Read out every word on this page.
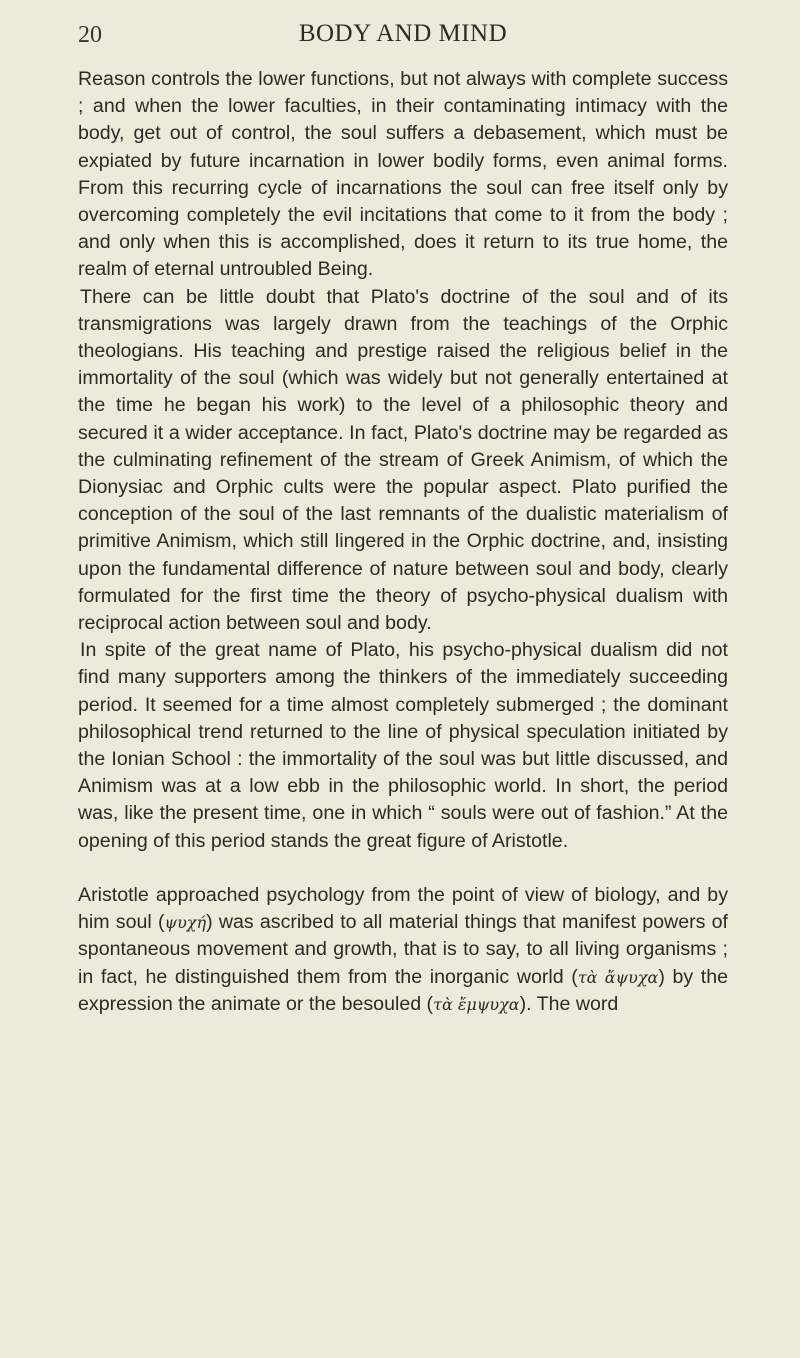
20	BODY AND MIND

Reason controls the lower functions, but not always with complete success ; and when the lower faculties, in their contaminating intimacy with the body, get out of control, the soul suffers a debasement, which must be expiated by future incarnation in lower bodily forms, even animal forms. From this recurring cycle of incarnations the soul can free itself only by overcoming completely the evil incitations that come to it from the body ; and only when this is accomplished, does it return to its true home, the realm of eternal untroubled Being.

There can be little doubt that Plato's doctrine of the soul and of its transmigrations was largely drawn from the teachings of the Orphic theologians. His teaching and prestige raised the religious belief in the immortality of the soul (which was widely but not generally entertained at the time he began his work) to the level of a philosophic theory and secured it a wider acceptance. In fact, Plato's doctrine may be regarded as the culminating refinement of the stream of Greek Animism, of which the Dionysiac and Orphic cults were the popular aspect. Plato purified the conception of the soul of the last remnants of the dualistic materialism of primitive Animism, which still lingered in the Orphic doctrine, and, insisting upon the fundamental difference of nature between soul and body, clearly formulated for the first time the theory of psycho-physical dualism with reciprocal action between soul and body.

In spite of the great name of Plato, his psycho-physical dualism did not find many supporters among the thinkers of the immediately succeeding period. It seemed for a time almost completely submerged ; the dominant philosophical trend returned to the line of physical speculation initiated by the Ionian School : the immortality of the soul was but little discussed, and Animism was at a low ebb in the philosophic world. In short, the period was, like the present time, one in which “ souls were out of fashion.” At the opening of this period stands the great figure of Aristotle.

Aristotle approached psychology from the point of view of biology, and by him soul (ψυχή) was ascribed to all material things that manifest powers of spontaneous movement and growth, that is to say, to all living organisms ; in fact, he distinguished them from the inorganic world (τὰ ἄψυχα) by the expression the animate or the besouled (τὰ ἔμψυχα). The word
